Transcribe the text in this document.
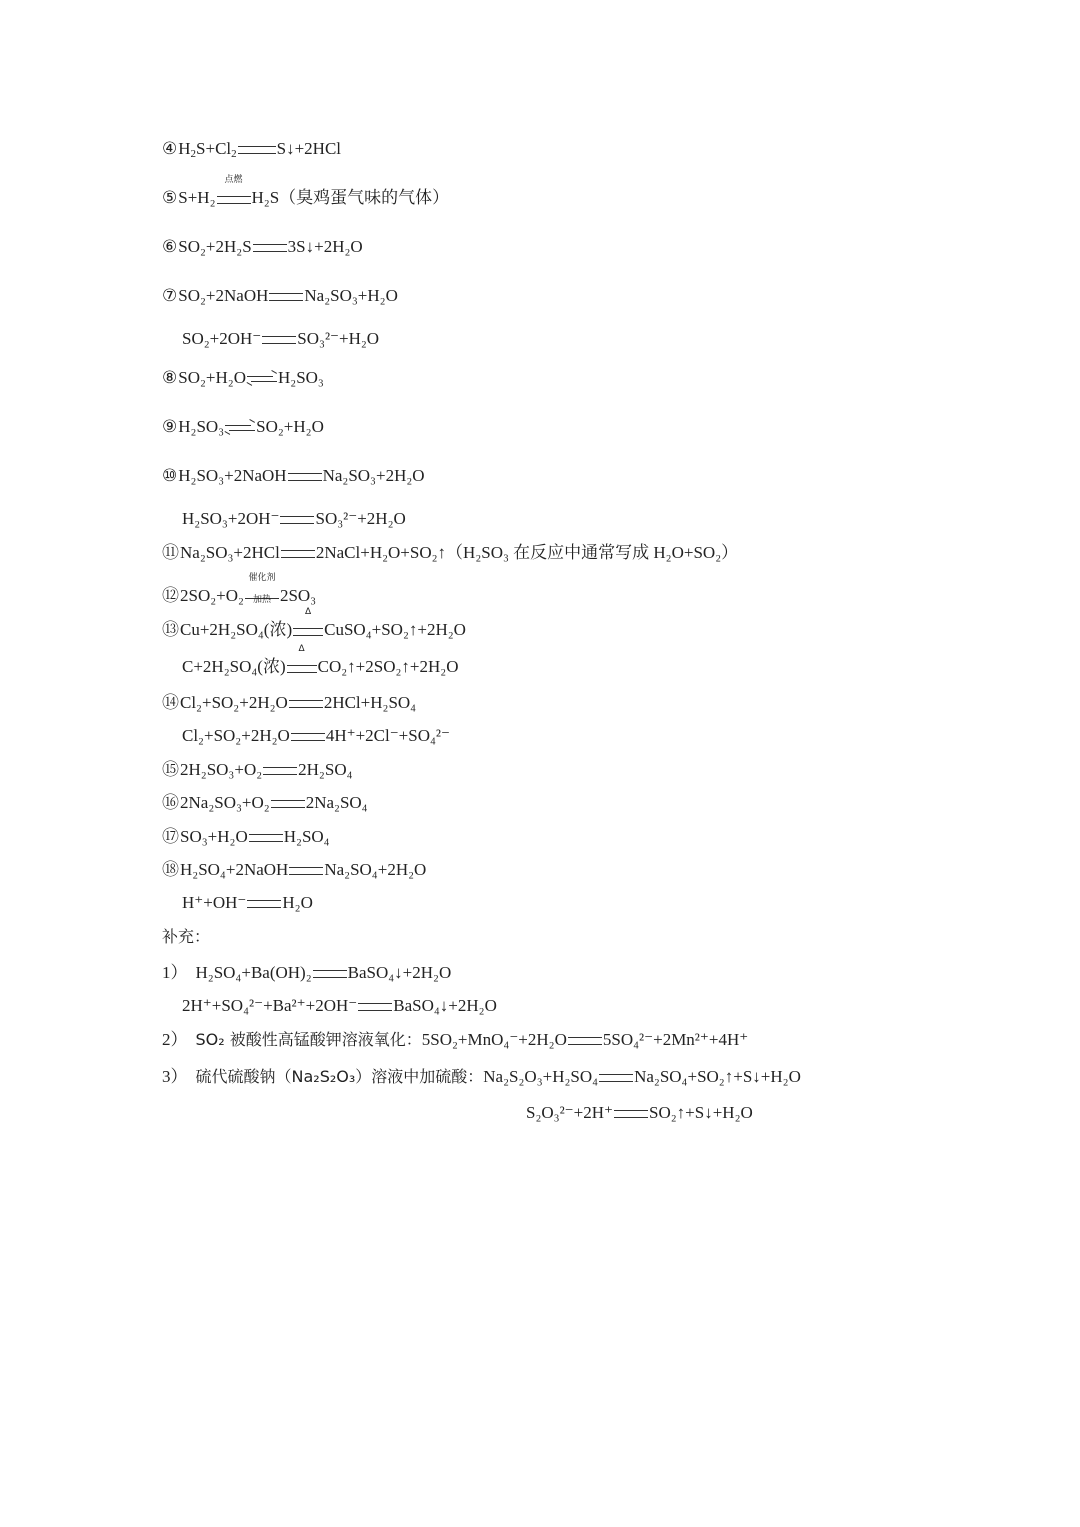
$④H_2S+Cl_2$ S↓+2HCl
⑤S+H₂
点燃
H₂S（臭鸡蛋气味的气体）
⑥SO₂+2H₂S 3S↓+2H₂O
⑦SO₂+2NaOH Na₂SO₃+H₂O
SO₂+2OH⁻ SO₃²⁻+H₂O
⑧SO₂+H₂O H₂SO₃
⑨H₂SO₃ SO₂+H₂O
⑩H₂SO₃+2NaOH Na₂SO₃+2H₂O
H₂SO₃+2OH⁻ SO₃²⁻+2H₂O
⑪Na₂SO₃+2HCl 2NaCl+H₂O+SO₂↑（H₂SO₃ 在反应中通常写成 H₂O+SO₂）
⑫2SO₂+O₂
催化剂
加热 2SO₃
⑬Cu+2H₂SO₄(浓)
Δ
CuSO₄+SO₂↑+2H₂O
C+2H₂SO₄(浓)
Δ
CO₂↑+2SO₂↑+2H₂O
⑭Cl₂+SO₂+2H₂O 2HCl+H₂SO₄
Cl₂+SO₂+2H₂O 4H⁺+2Cl⁻+SO₄²⁻
⑮2H₂SO₃+O₂ 2H₂SO₄
⑯2Na₂SO₃+O₂ 2Na₂SO₄
⑰SO₃+H₂O H₂SO₄
⑱H₂SO₄+2NaOH Na₂SO₄+2H₂O
H⁺+OH⁻ H₂O
补充：
1） H₂SO₄+Ba(OH)₂ BaSO₄↓+2H₂O
2H⁺+SO₄²⁻+Ba²⁺+2OH⁻ BaSO₄↓+2H₂O
2） SO₂ 被酸性高锰酸钾溶液氧化：5SO₂+MnO₄⁻+2H₂O 5SO₄²⁻+2Mn²⁺+4H⁺
3） 硫代硫酸钠（Na₂S₂O₃）溶液中加硫酸：Na₂S₂O₃+H₂SO₄ Na₂SO₄+SO₂↑+S↓+H₂O
S₂O₃²⁻+2H⁺ SO₂↑+S↓+H₂O
